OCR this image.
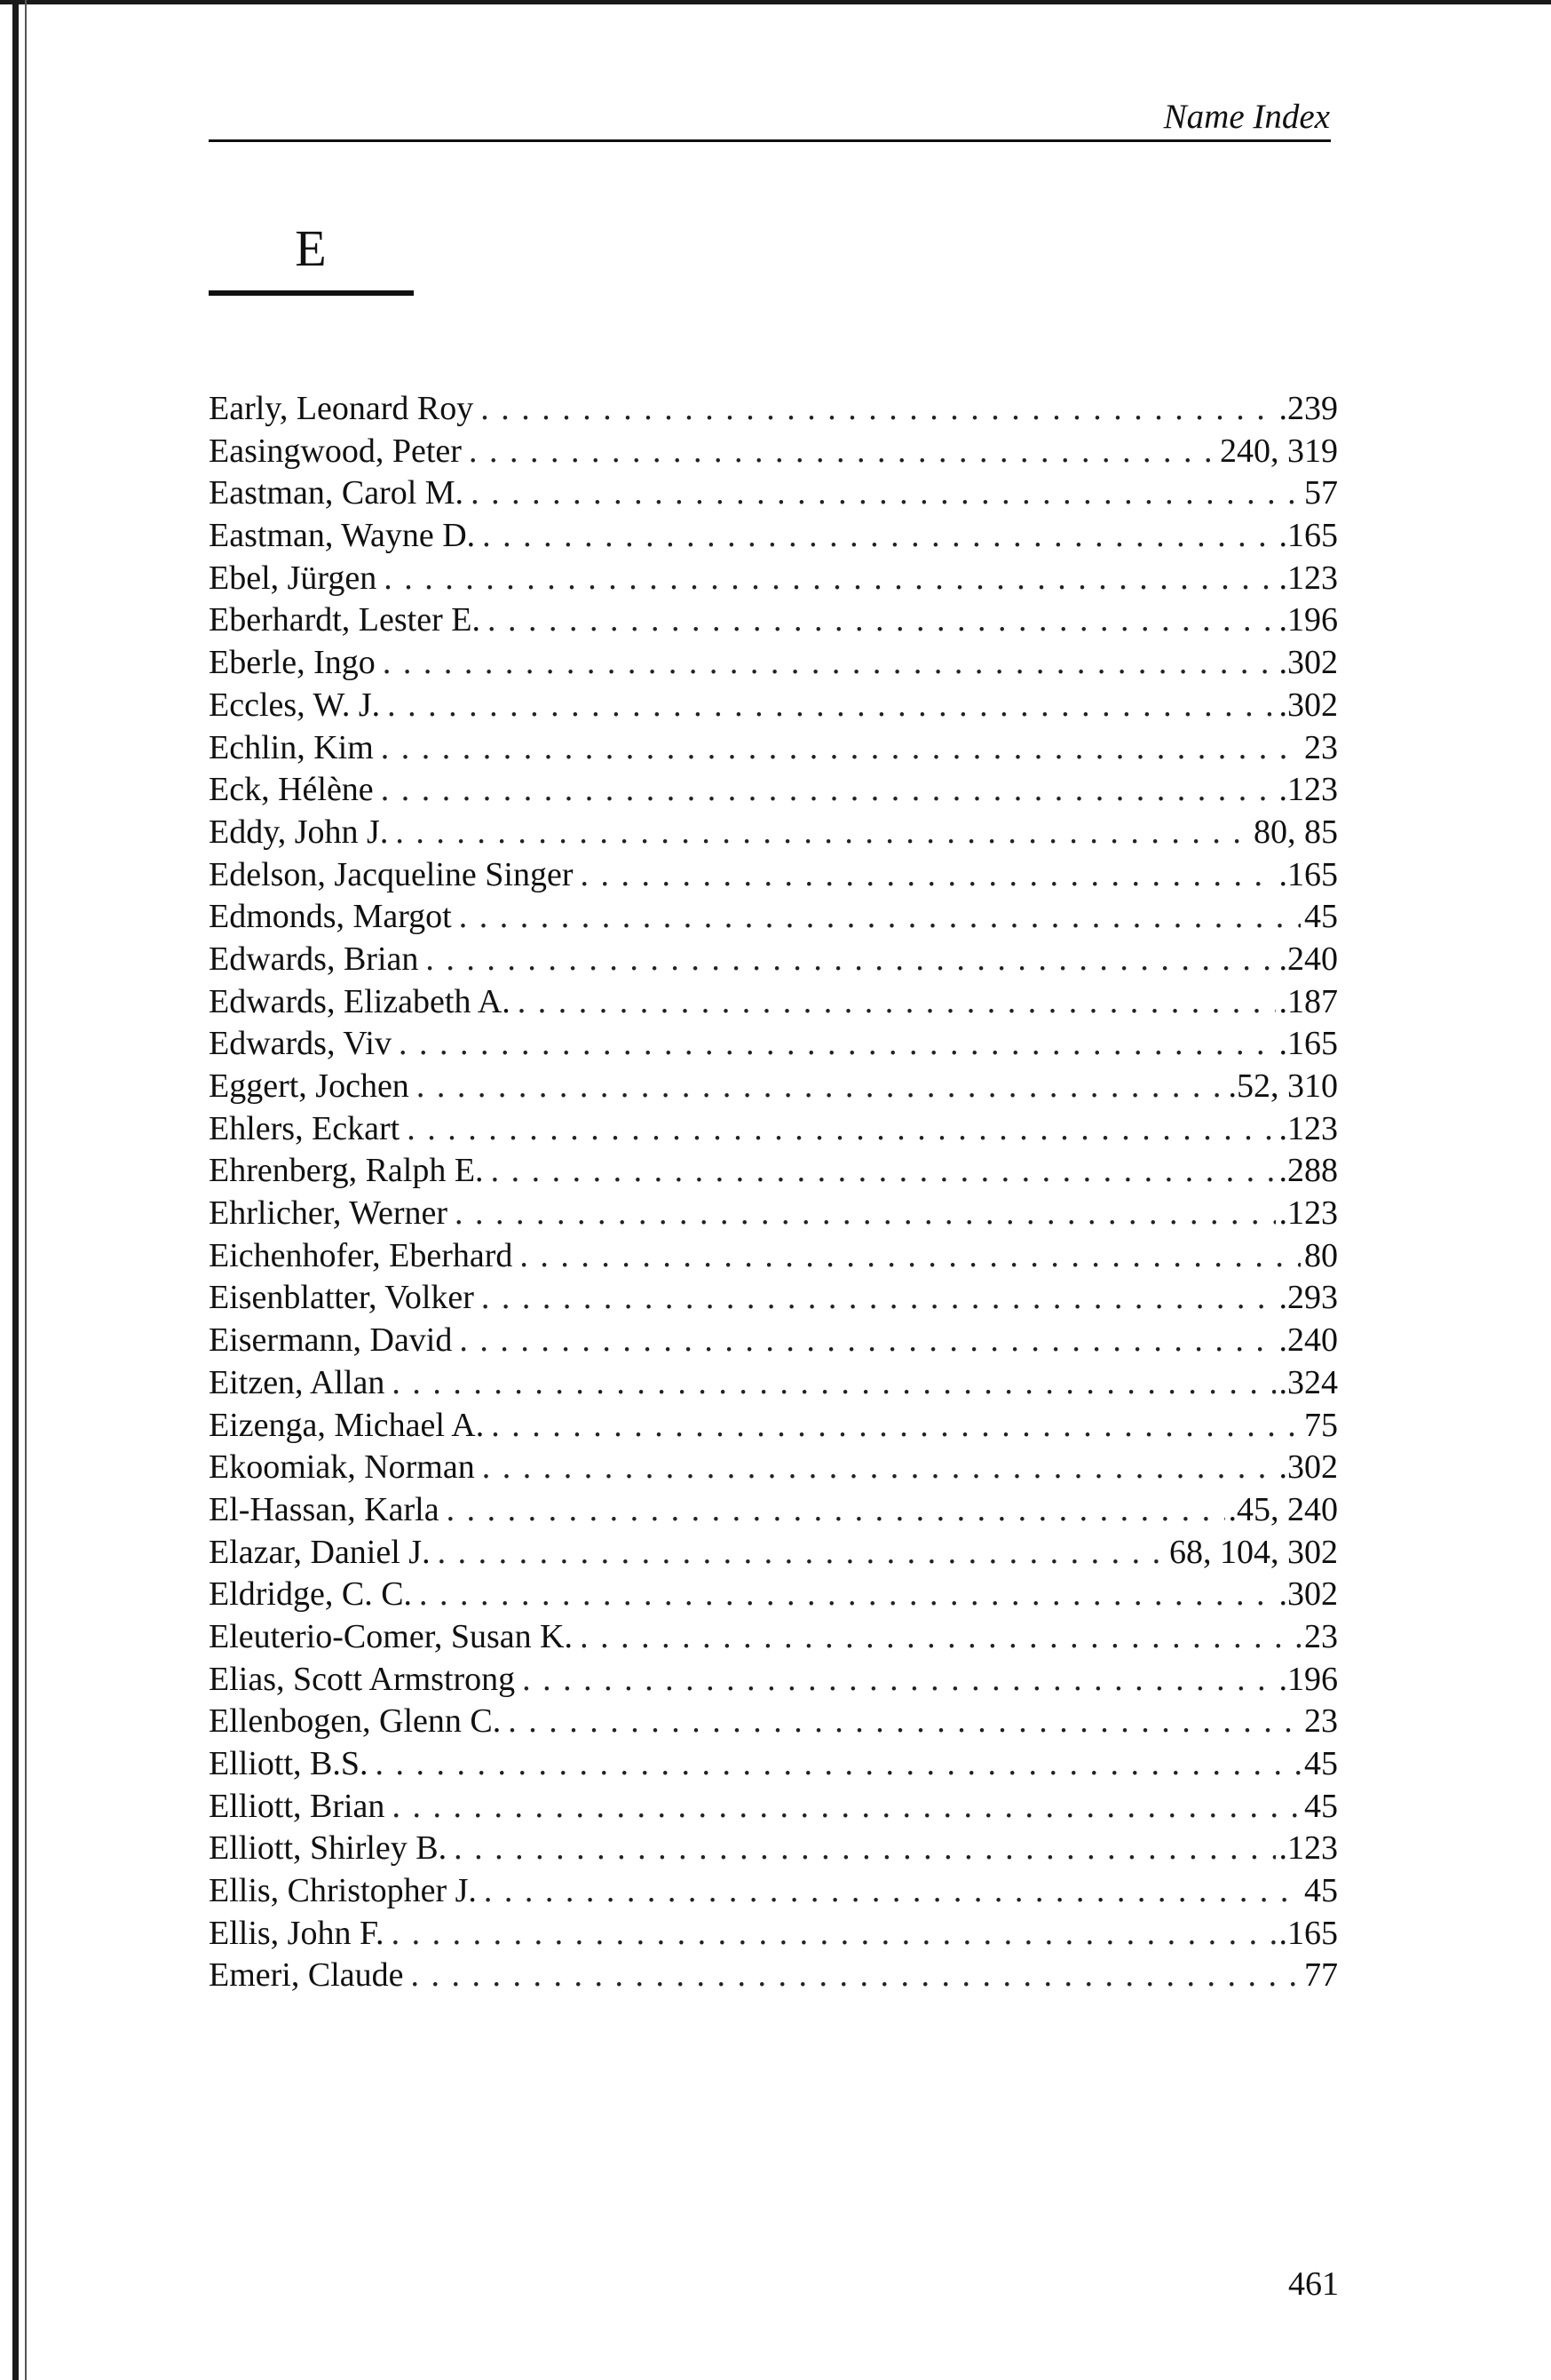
Name Index
E
Early, Leonard Roy . . .	.239
Easingwood, Peter . . .	240, 319
Eastman, Carol M. . . .	57
Eastman, Wayne D. . . .	.165
Ebel, Jürgen . . .	.123
Eberhardt, Lester E. . . .	.196
Eberle, Ingo . . .	.302
Eccles, W. J. . . .	.302
Echlin, Kim . . .	23
Eck, Hélène . . .	.123
Eddy, John J. . . .	80, 85
Edelson, Jacqueline Singer . . .	.165
Edmonds, Margot . . .	45
Edwards, Brian . . .	.240
Edwards, Elizabeth A. . . .	.187
Edwards, Viv . . .	.165
Eggert, Jochen . . .	.52, 310
Ehlers, Eckart . . .	.123
Ehrenberg, Ralph E. . . .	.288
Ehrlicher, Werner . . .	.123
Eichenhofer, Eberhard . . .	80
Eisenblatter, Volker . . .	.293
Eisermann, David . . .	.240
Eitzen, Allan . . .	.324
Eizenga, Michael A. . . .	75
Ekoomiak, Norman . . .	.302
El-Hassan, Karla . . .	.45, 240
Elazar, Daniel J. . . .	68, 104, 302
Eldridge, C. C. . . .	.302
Eleuterio-Comer, Susan K. . . .	23
Elias, Scott Armstrong . . .	.196
Ellenbogen, Glenn C. . . .	23
Elliott, B.S. . . .	45
Elliott, Brian . . .	45
Elliott, Shirley B. . . .	.123
Ellis, Christopher J. . . .	45
Ellis, John F. . . .	.165
Emeri, Claude . . .	77
461
